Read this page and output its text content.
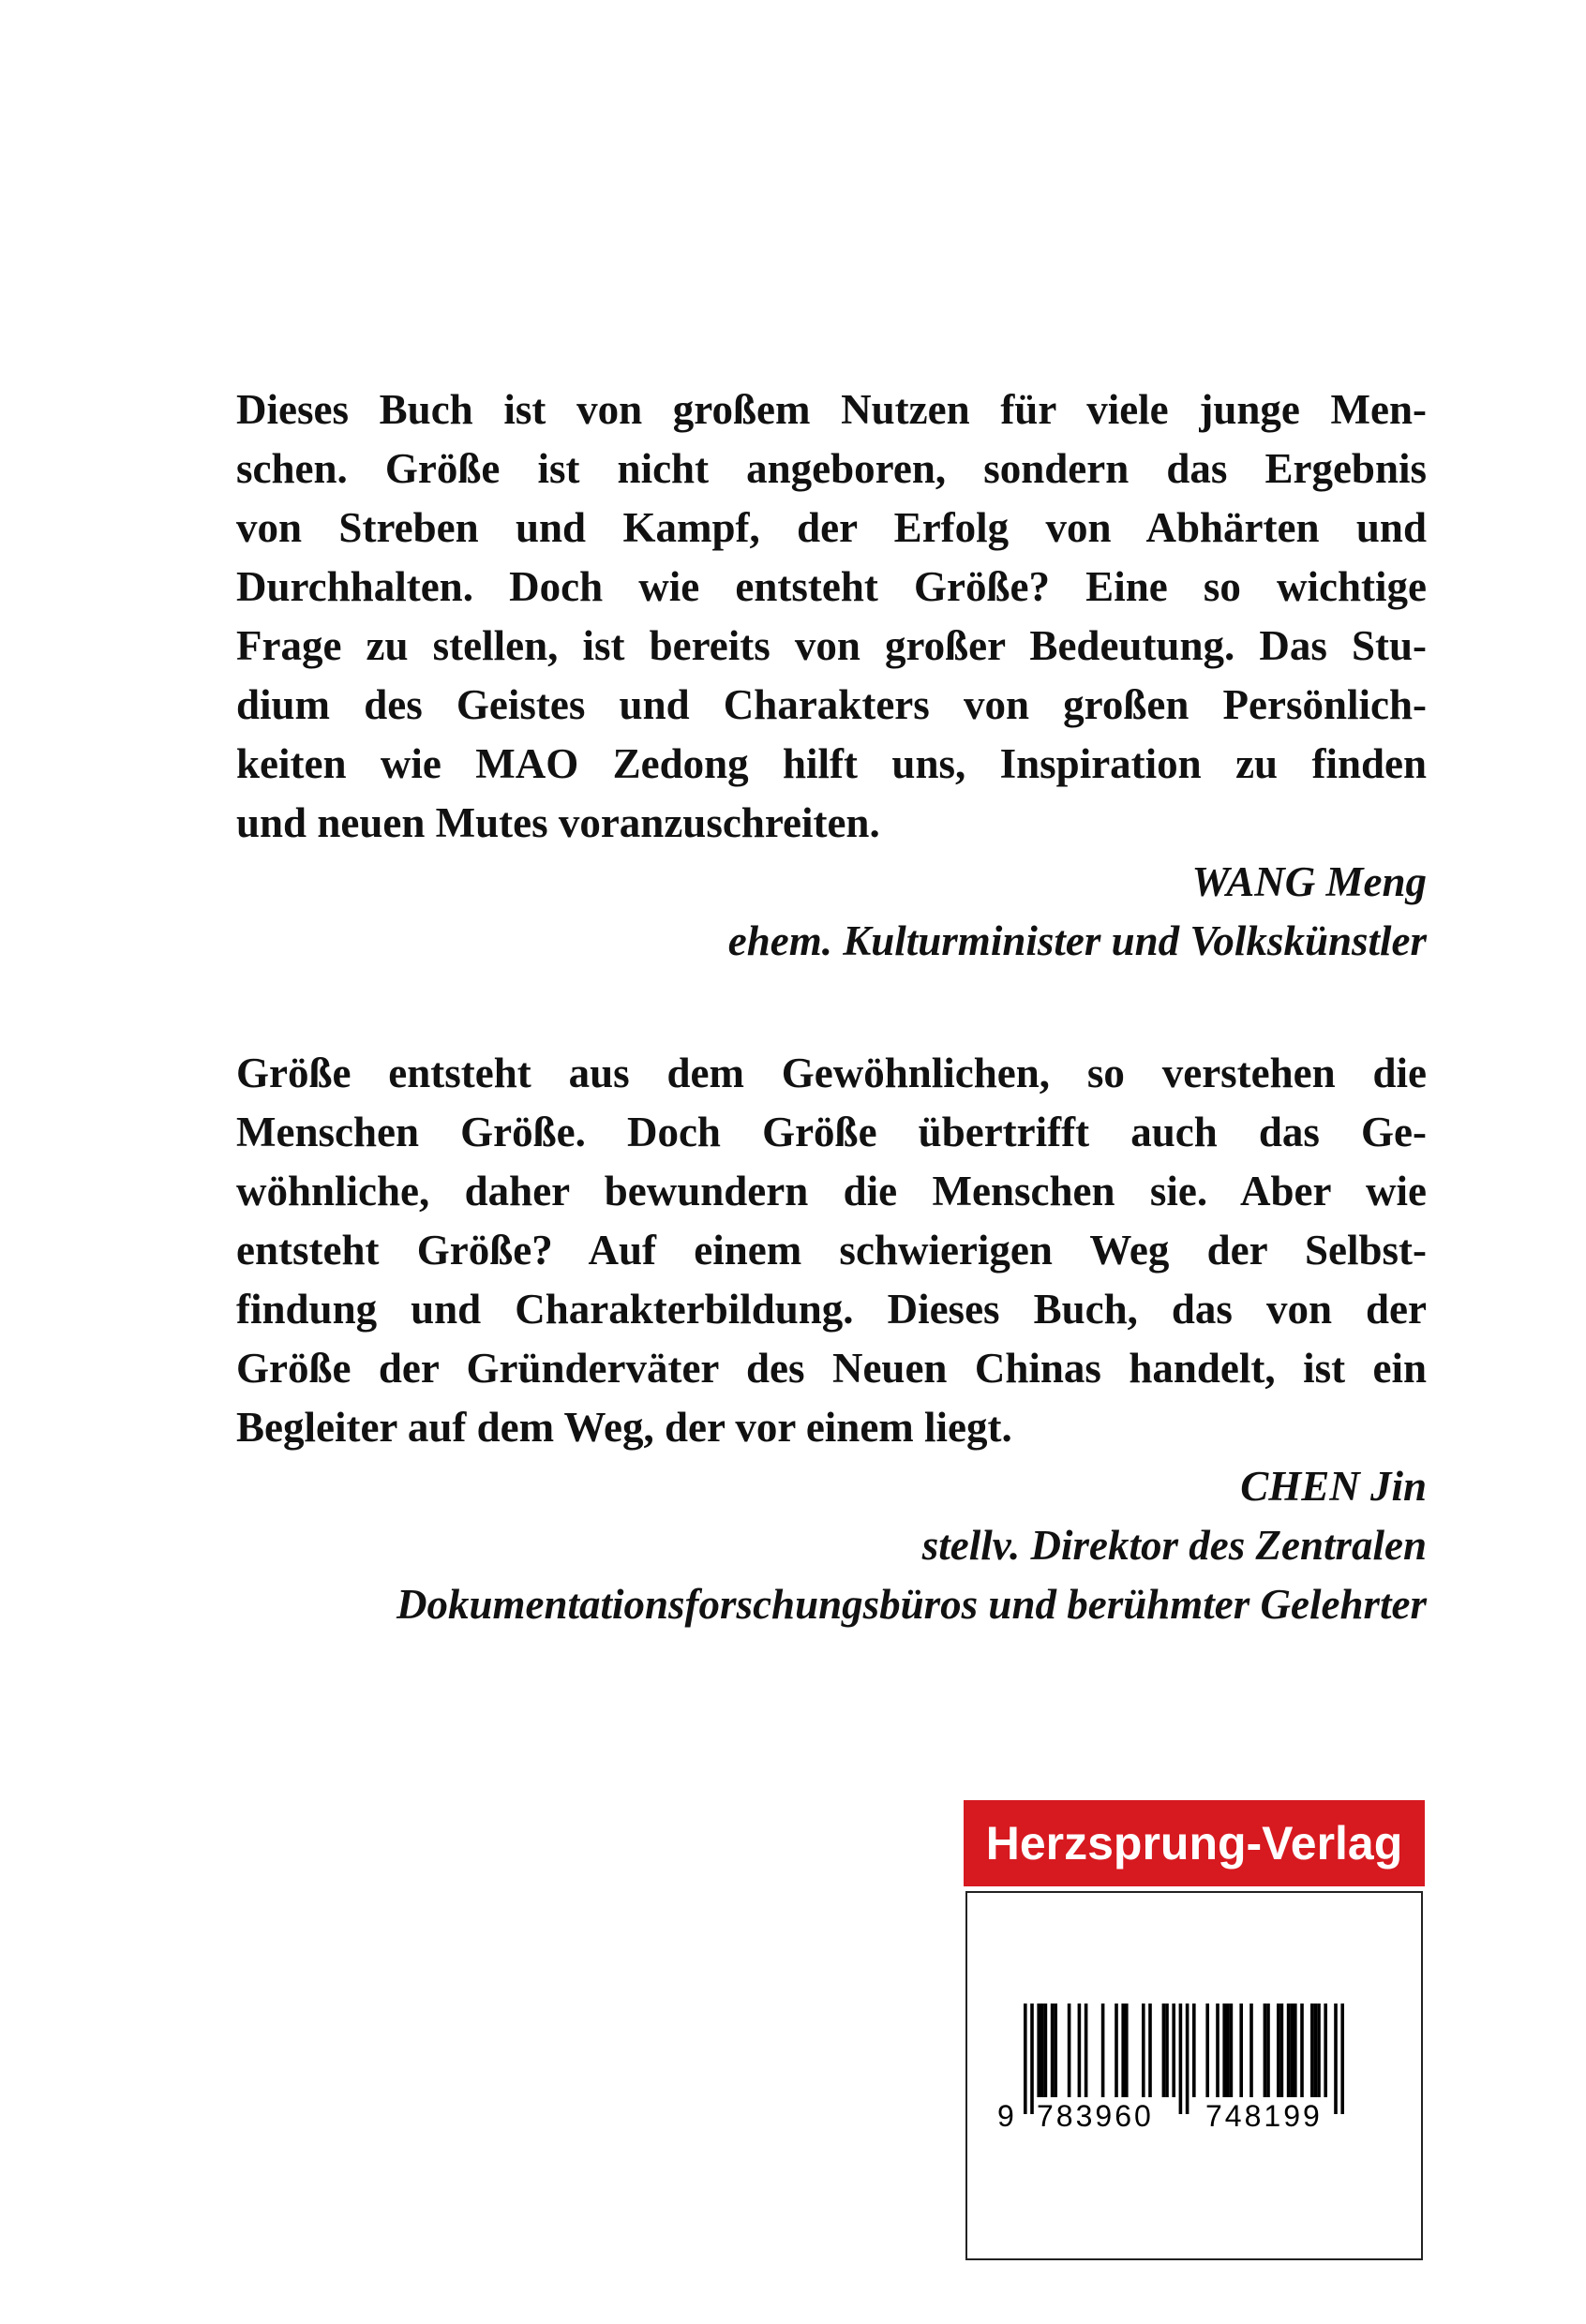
Dieses Buch ist von großem Nutzen für viele junge Men-
schen. Größe ist nicht angeboren, sondern das Ergebnis
von Streben und Kampf, der Erfolg von Abhärten und
Durchhalten. Doch wie entsteht Größe? Eine so wichtige
Frage zu stellen, ist bereits von großer Bedeutung. Das Stu-
dium des Geistes und Charakters von großen Persönlich-
keiten wie MAO Zedong hilft uns, Inspiration zu finden
und neuen Mutes voranzuschreiten.
WANG Meng
ehem. Kulturminister und Volkskünstler
Größe entsteht aus dem Gewöhnlichen, so verstehen die
Menschen Größe. Doch Größe übertrifft auch das Ge-
wöhnliche, daher bewundern die Menschen sie. Aber wie
entsteht Größe? Auf einem schwierigen Weg der Selbst-
findung und Charakterbildung. Dieses Buch, das von der
Größe der Gründerväter des Neuen Chinas handelt, ist ein
Begleiter auf dem Weg, der vor einem liegt.
CHEN Jin
stellv. Direktor des Zentralen
Dokumentationsforschungsbüros und berühmter Gelehrter
Herzsprung-Verlag
9 783960 748199
